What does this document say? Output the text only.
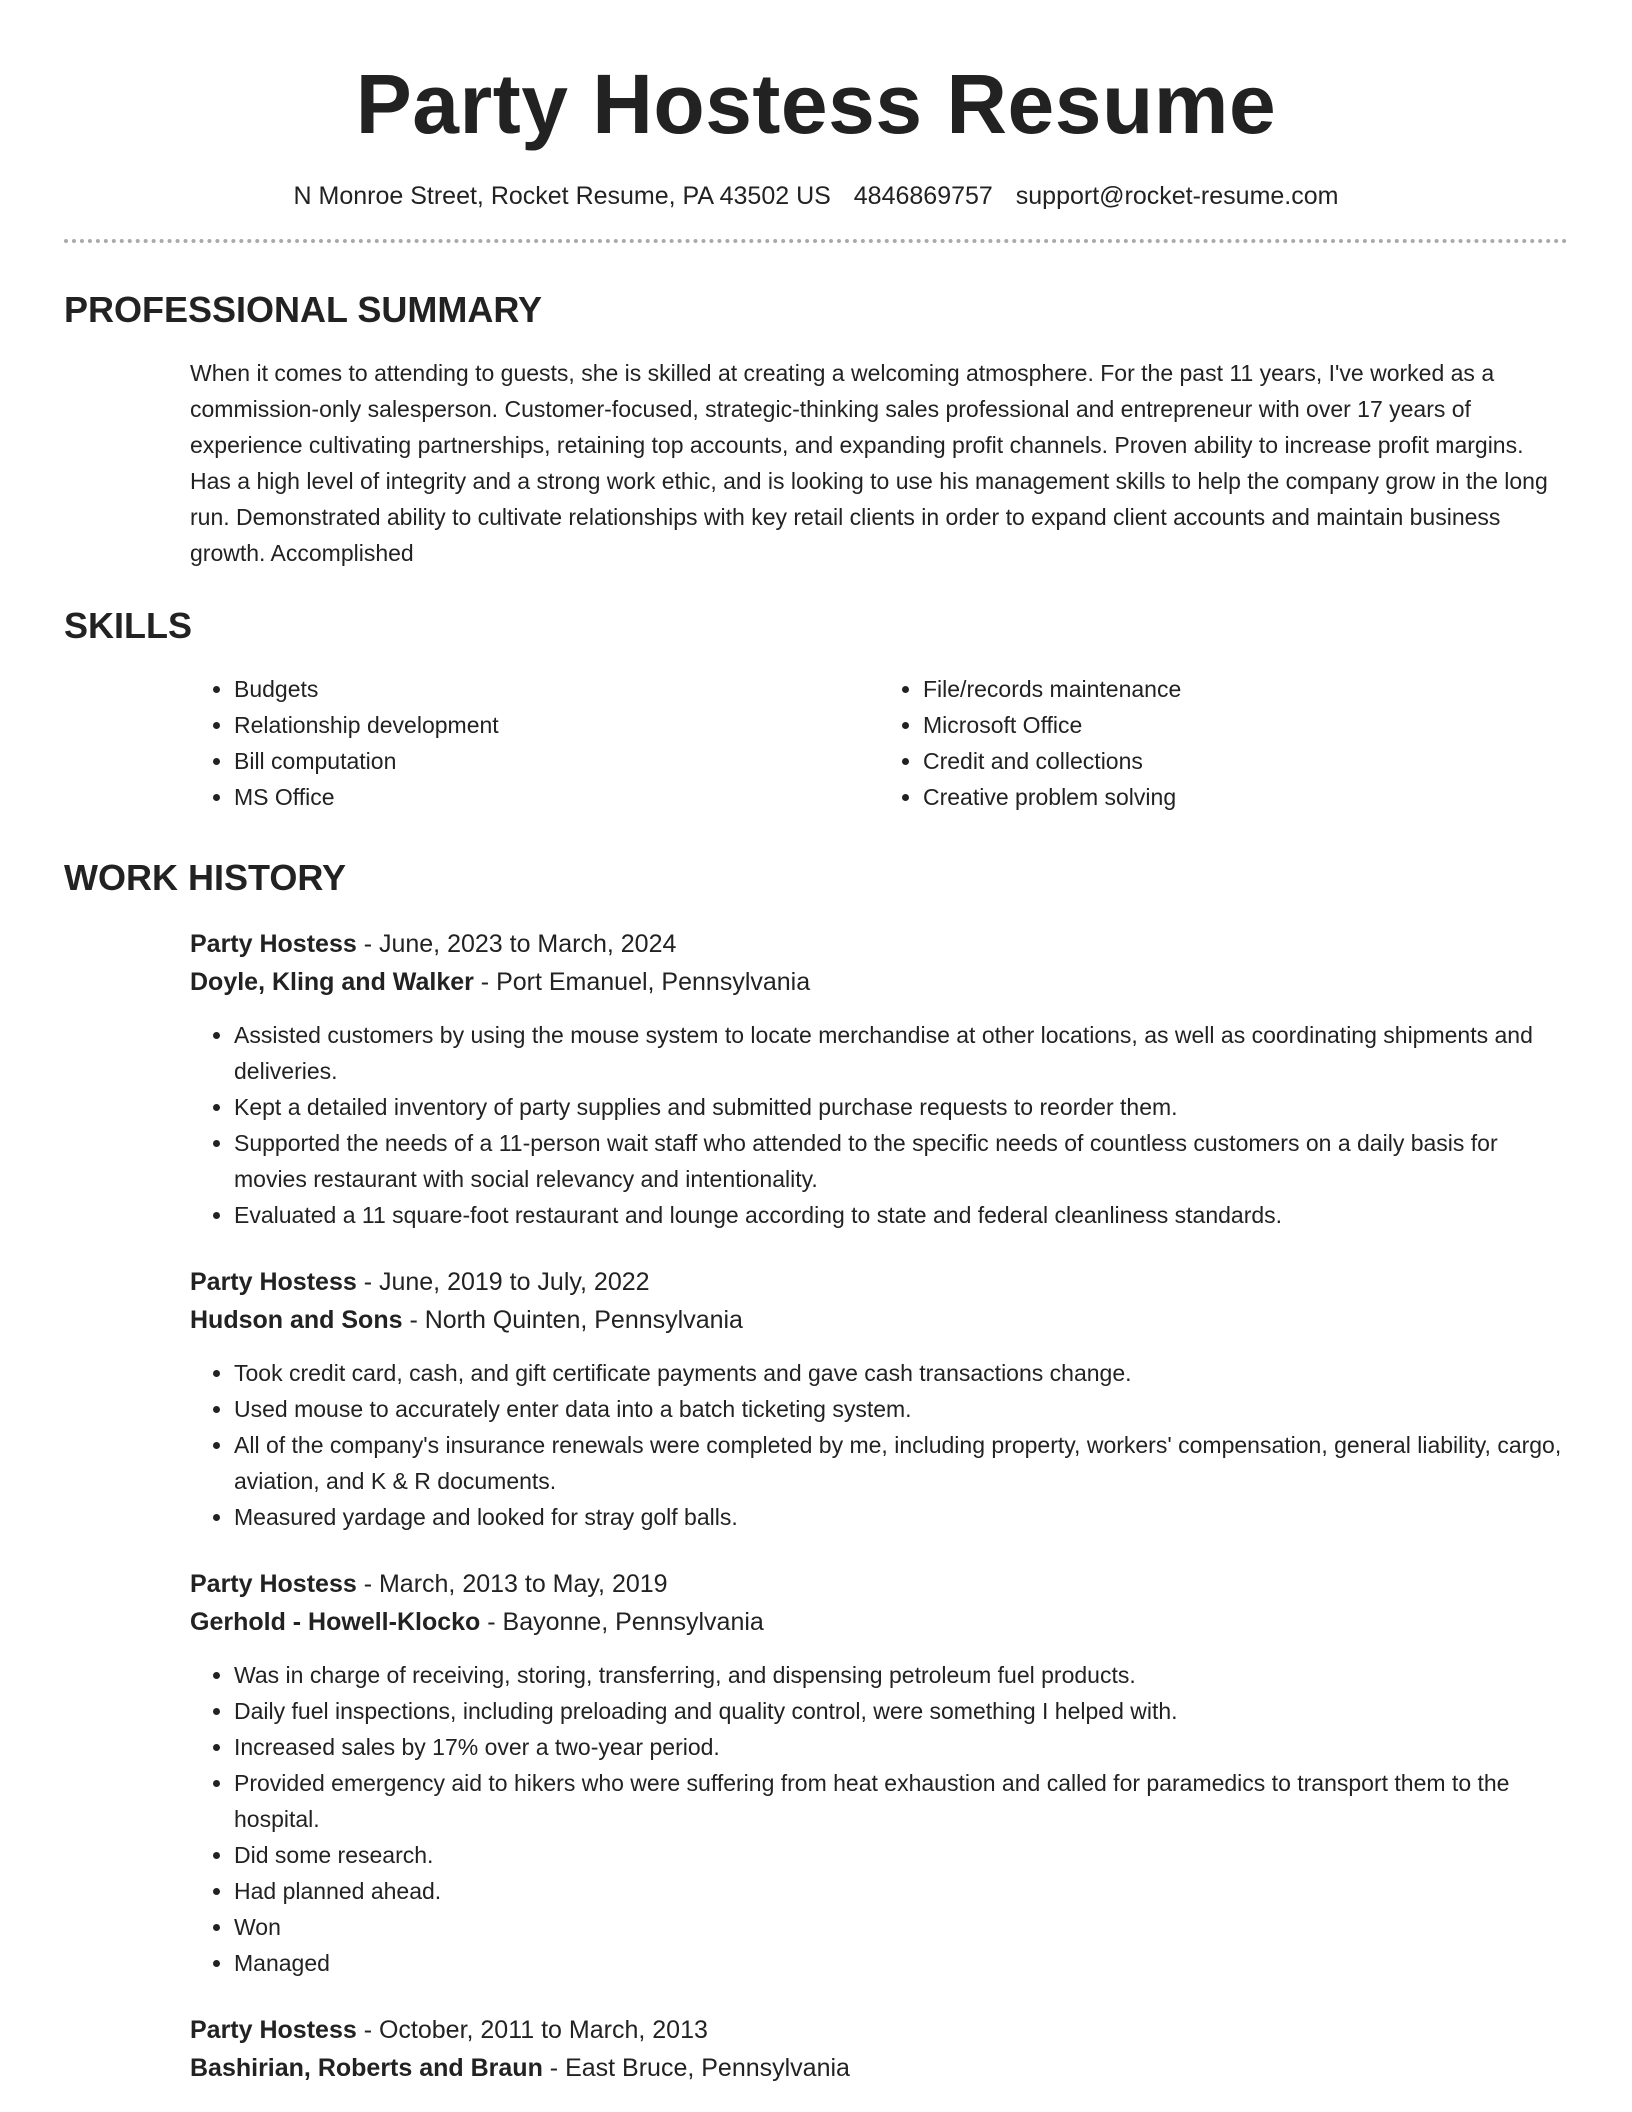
Party Hostess Resume
N Monroe Street, Rocket Resume, PA 43502 US 4846869757 support@rocket-resume.com
PROFESSIONAL SUMMARY

When it comes to attending to guests, she is skilled at creating a welcoming atmosphere. For the past 11 years, I've worked as a commission-only salesperson. Customer-focused, strategic-thinking sales professional and entrepreneur with over 17 years of experience cultivating partnerships, retaining top accounts, and expanding profit channels. Proven ability to increase profit margins. Has a high level of integrity and a strong work ethic, and is looking to use his management skills to help the company grow in the long run. Demonstrated ability to cultivate relationships with key retail clients in order to expand client accounts and maintain business growth. Accomplished

SKILLS
• Budgets
• Relationship development
• Bill computation
• MS Office
• File/records maintenance
• Microsoft Office
• Credit and collections
• Creative problem solving
WORK HISTORY
Party Hostess - June, 2023 to March, 2024
Doyle, Kling and Walker - Port Emanuel, Pennsylvania
• Assisted customers by using the mouse system to locate merchandise at other locations, as well as coordinating shipments and deliveries.
• Kept a detailed inventory of party supplies and submitted purchase requests to reorder them.
• Supported the needs of a 11-person wait staff who attended to the specific needs of countless customers on a daily basis for movies restaurant with social relevancy and intentionality.
• Evaluated a 11 square-foot restaurant and lounge according to state and federal cleanliness standards.
Party Hostess - June, 2019 to July, 2022
Hudson and Sons - North Quinten, Pennsylvania
• Took credit card, cash, and gift certificate payments and gave cash transactions change.
• Used mouse to accurately enter data into a batch ticketing system.
• All of the company's insurance renewals were completed by me, including property, workers' compensation, general liability, cargo, aviation, and K & R documents.
• Measured yardage and looked for stray golf balls.
Party Hostess - March, 2013 to May, 2019
Gerhold - Howell-Klocko - Bayonne, Pennsylvania
• Was in charge of receiving, storing, transferring, and dispensing petroleum fuel products.
• Daily fuel inspections, including preloading and quality control, were something I helped with.
• Increased sales by 17% over a two-year period.
• Provided emergency aid to hikers who were suffering from heat exhaustion and called for paramedics to transport them to the hospital.
• Did some research.
• Had planned ahead.
• Won
• Managed
Party Hostess - October, 2011 to March, 2013
Bashirian, Roberts and Braun - East Bruce, Pennsylvania
